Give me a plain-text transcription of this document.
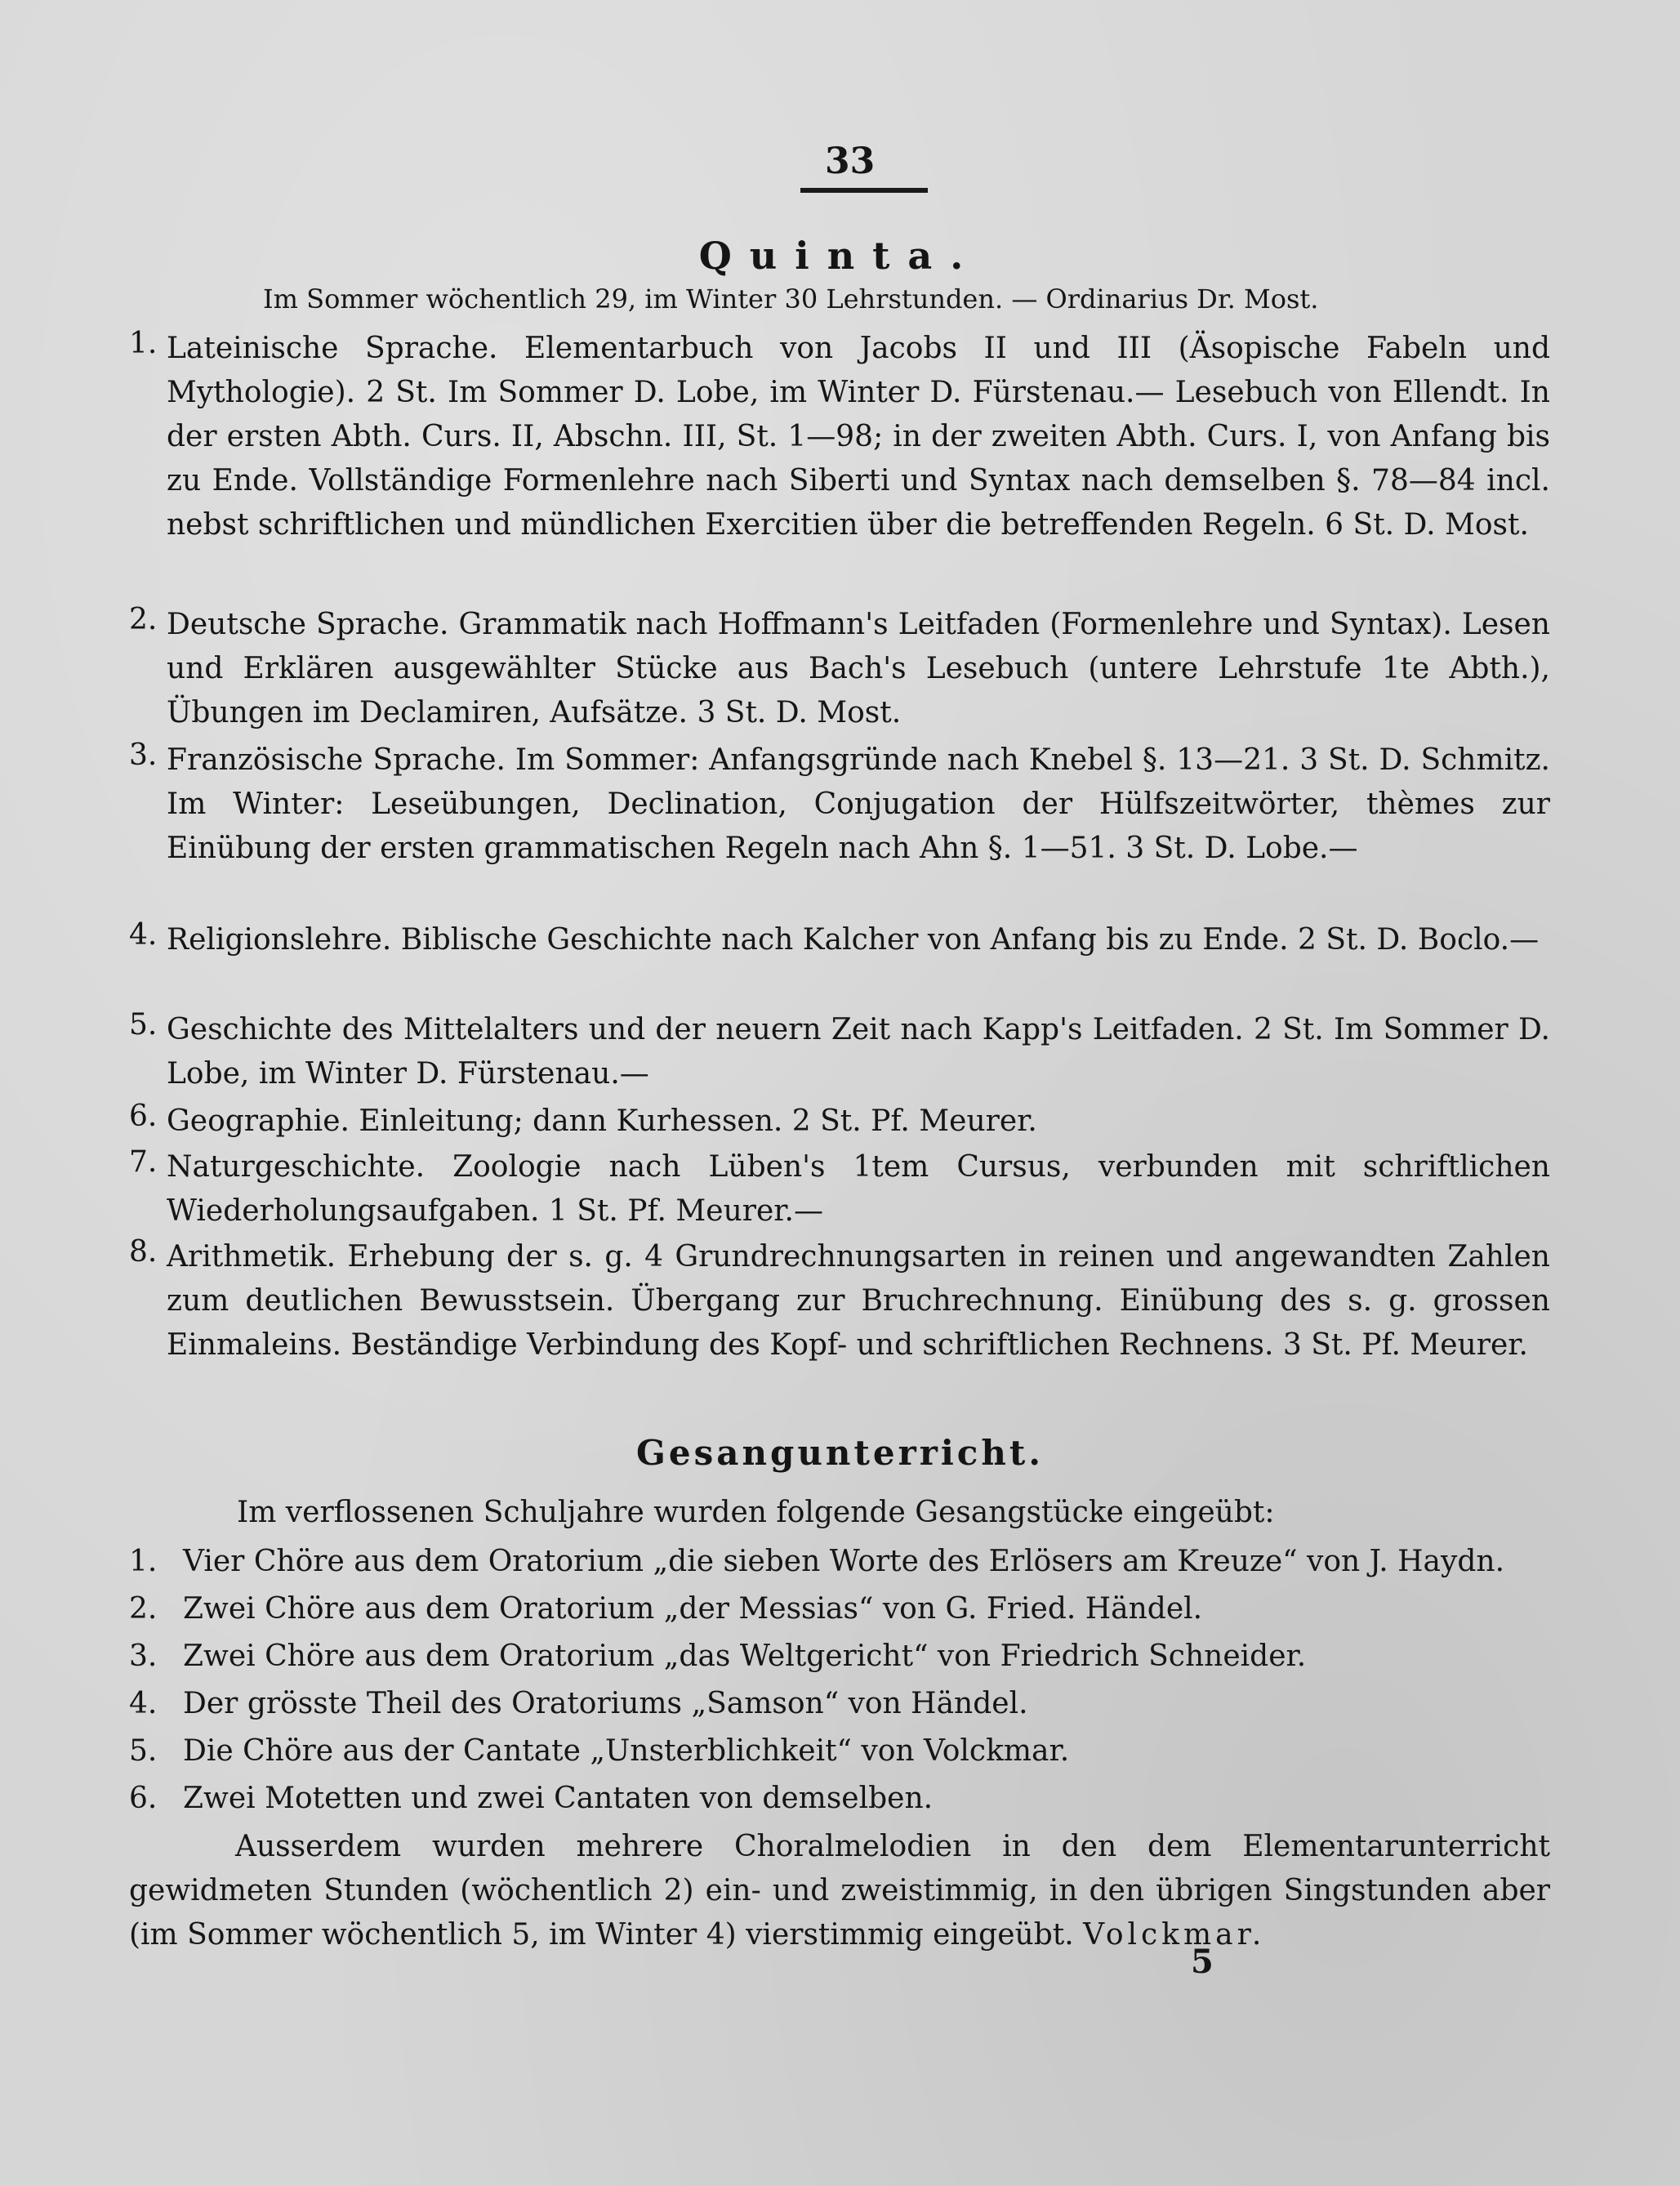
33
Quinta.
Im Sommer wöchentlich 29, im Winter 30 Lehrstunden. — Ordinarius Dr. Most.
1. Lateinische Sprache. Elementarbuch von Jacobs II und III (Äsopische Fabeln und Mythologie). 2 St. Im Sommer D. Lobe, im Winter D. Fürstenau.— Lesebuch von Ellendt. In der ersten Abth. Curs. II, Abschn. III, St. 1—98; in der zweiten Abth. Curs. I, von Anfang bis zu Ende. Vollständige Formenlehre nach Siberti und Syntax nach demselben §. 78—84 incl. nebst schriftlichen und mündlichen Exercitien über die betreffenden Regeln. 6 St. D. Most.
2. Deutsche Sprache. Grammatik nach Hoffmann's Leitfaden (Formenlehre und Syntax). Lesen und Erklären ausgewählter Stücke aus Bach's Lesebuch (untere Lehrstufe 1te Abth.), Übungen im Declamiren, Aufsätze. 3 St. D. Most.
3. Französische Sprache. Im Sommer: Anfangsgründe nach Knebel §. 13—21. 3 St. D. Schmitz. Im Winter: Leseübungen, Declination, Conjugation der Hülfszeitwörter, thèmes zur Einübung der ersten grammatischen Regeln nach Ahn §. 1—51. 3 St. D. Lobe.—
4. Religionslehre. Biblische Geschichte nach Kalcher von Anfang bis zu Ende. 2 St. D. Boclo.—
5. Geschichte des Mittelalters und der neuern Zeit nach Kapp's Leitfaden. 2 St. Im Sommer D. Lobe, im Winter D. Fürstenau.—
6. Geographie. Einleitung; dann Kurhessen. 2 St. Pf. Meurer.
7. Naturgeschichte. Zoologie nach Lüben's 1tem Cursus, verbunden mit schriftlichen Wiederholungsaufgaben. 1 St. Pf. Meurer.—
8. Arithmetik. Erhebung der s. g. 4 Grundrechnungsarten in reinen und angewandten Zahlen zum deutlichen Bewusstsein. Übergang zur Bruchrechnung. Einübung des s. g. grossen Einmaleins. Beständige Verbindung des Kopf- und schriftlichen Rechnens. 3 St. Pf. Meurer.
Gesangunterricht.
Im verflossenen Schuljahre wurden folgende Gesangstücke eingeübt:
1. Vier Chöre aus dem Oratorium „die sieben Worte des Erlösers am Kreuze“ von J. Haydn.
2. Zwei Chöre aus dem Oratorium „der Messias“ von G. Fried. Händel.
3. Zwei Chöre aus dem Oratorium „das Weltgericht“ von Friedrich Schneider.
4. Der grösste Theil des Oratoriums „Samson“ von Händel.
5. Die Chöre aus der Cantate „Unsterblichkeit“ von Volckmar.
6. Zwei Motetten und zwei Cantaten von demselben.
Ausserdem wurden mehrere Choralmelodien in den dem Elementarunterricht gewidmeten Stunden (wöchentlich 2) ein- und zweistimmig, in den übrigen Singstunden aber (im Sommer wöchentlich 5, im Winter 4) vierstimmig eingeübt. Volckmar.
5
